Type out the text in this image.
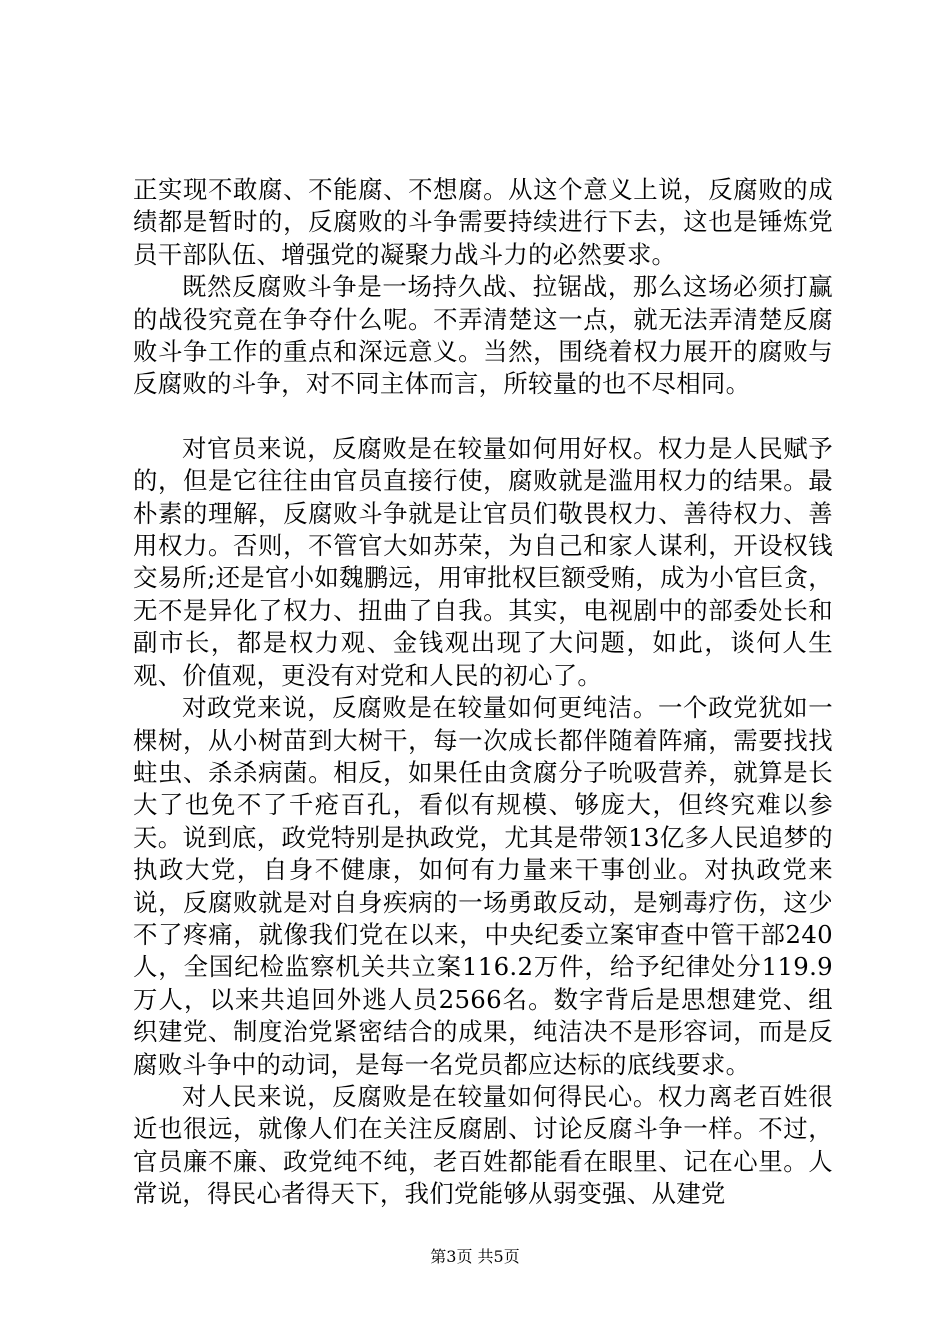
正实现不敢腐、不能腐、不想腐。从这个意义上说，反腐败的成绩都是暂时的，反腐败的斗争需要持续进行下去，这也是锤炼党员干部队伍、增强党的凝聚力战斗力的必然要求。

既然反腐败斗争是一场持久战、拉锯战，那么这场必须打赢的战役究竟在争夺什么呢。不弄清楚这一点，就无法弄清楚反腐败斗争工作的重点和深远意义。当然，围绕着权力展开的腐败与反腐败的斗争，对不同主体而言，所较量的也不尽相同。

对官员来说，反腐败是在较量如何用好权。权力是人民赋予的，但是它往往由官员直接行使，腐败就是滥用权力的结果。最朴素的理解，反腐败斗争就是让官员们敬畏权力、善待权力、善用权力。否则，不管官大如苏荣，为自己和家人谋利，开设权钱交易所;还是官小如魏鹏远，用审批权巨额受贿，成为小官巨贪，无不是异化了权力、扭曲了自我。其实，电视剧中的部委处长和副市长，都是权力观、金钱观出现了大问题，如此，谈何人生观、价值观，更没有对党和人民的初心了。

对政党来说，反腐败是在较量如何更纯洁。一个政党犹如一棵树，从小树苗到大树干，每一次成长都伴随着阵痛，需要找找蛀虫、杀杀病菌。相反，如果任由贪腐分子吮吸营养，就算是长大了也免不了千疮百孔，看似有规模、够庞大，但终究难以参天。说到底，政党特别是执政党，尤其是带领13亿多人民追梦的执政大党，自身不健康，如何有力量来干事创业。对执政党来说，反腐败就是对自身疾病的一场勇敢反动，是剜毒疗伤，这少不了疼痛，就像我们党在以来，中央纪委立案审查中管干部240人，全国纪检监察机关共立案116.2万件，给予纪律处分119.9万人，以来共追回外逃人员2566名。数字背后是思想建党、组织建党、制度治党紧密结合的成果，纯洁决不是形容词，而是反腐败斗争中的动词，是每一名党员都应达标的底线要求。

对人民来说，反腐败是在较量如何得民心。权力离老百姓很近也很远，就像人们在关注反腐剧、讨论反腐斗争一样。不过，官员廉不廉、政党纯不纯，老百姓都能看在眼里、记在心里。人常说，得民心者得天下，我们党能够从弱变强、从建党

第3页 共5页
